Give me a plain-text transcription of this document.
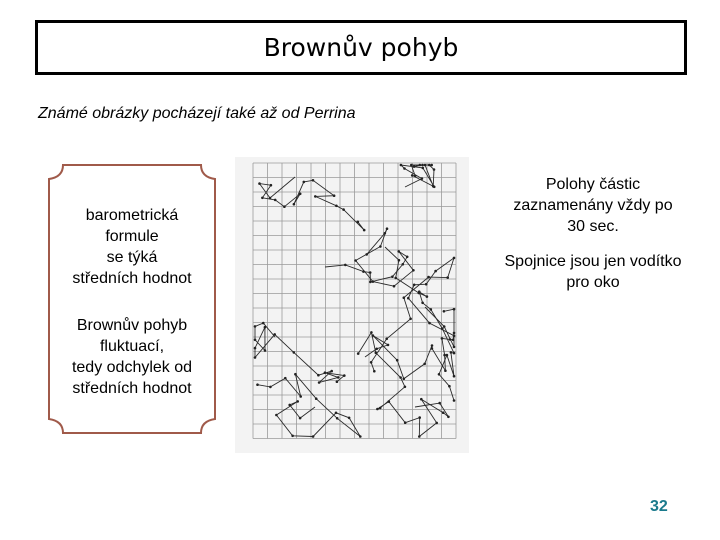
Brownův pohyb
Známé obrázky pocházejí také až od Perrina
barometrická
formule
se týká
středních hodnot
Brownův pohyb
fluktuací,
tedy odchylek od
středních hodnot
Polohy částic
zaznamenány vždy po
30 sec.
Spojnice jsou jen vodítko
pro oko
32
